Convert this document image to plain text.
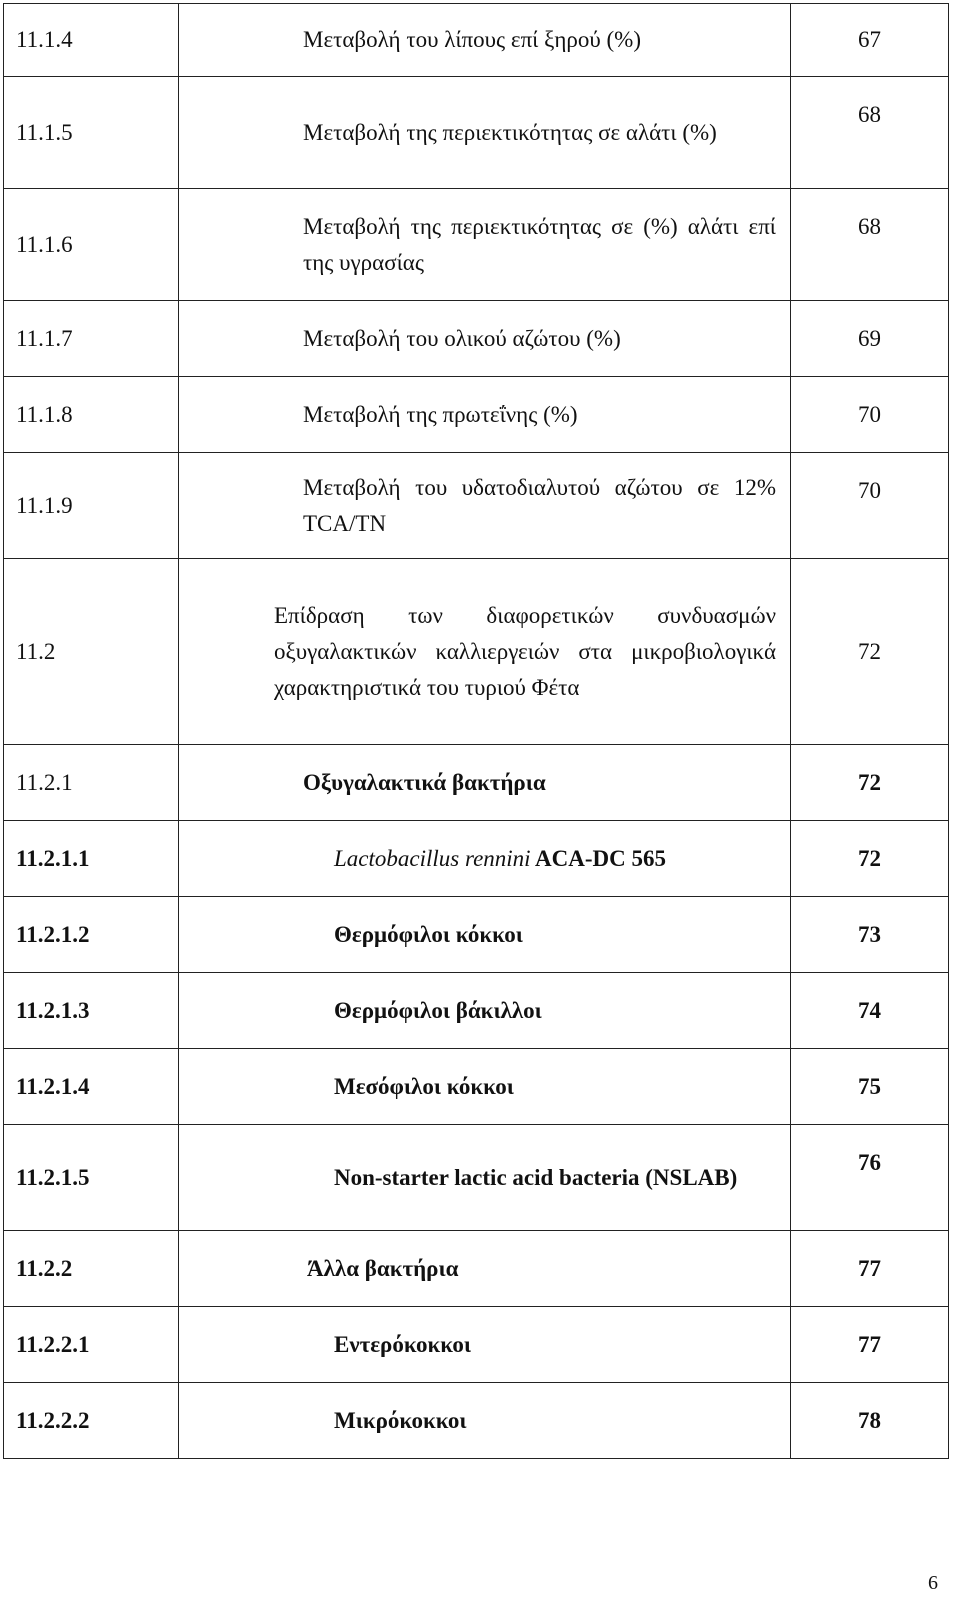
11.1.4	Μεταβολή του λίπους επί ξηρού (%)	67
11.1.5	Μεταβολή της περιεκτικότητας σε αλάτι (%)	68
11.1.6	Μεταβολή της περιεκτικότητας σε (%) αλάτι επί της υγρασίας	68
11.1.7	Μεταβολή του ολικού αζώτου (%)	69
11.1.8	Μεταβολή της πρωτεΐνης (%)	70
11.1.9	Μεταβολή του υδατοδιαλυτού αζώτου σε 12% TCA/TN	70
11.2	Επίδραση των διαφορετικών συνδυασμών οξυγαλακτικών καλλιεργειών στα μικροβιολογικά χαρακτηριστικά του τυριού Φέτα	72
11.2.1	Οξυγαλακτικά βακτήρια	72
11.2.1.1	Lactobacillus rennini ACA-DC 565	72
11.2.1.2	Θερμόφιλοι κόκκοι	73
11.2.1.3	Θερμόφιλοι βάκιλλοι	74
11.2.1.4	Μεσόφιλοι κόκκοι	75
11.2.1.5	Non-starter lactic acid bacteria (NSLAB)	76
11.2.2	Άλλα βακτήρια	77
11.2.2.1	Εντερόκοκκοι	77
11.2.2.2	Μικρόκοκκοι	78
6
